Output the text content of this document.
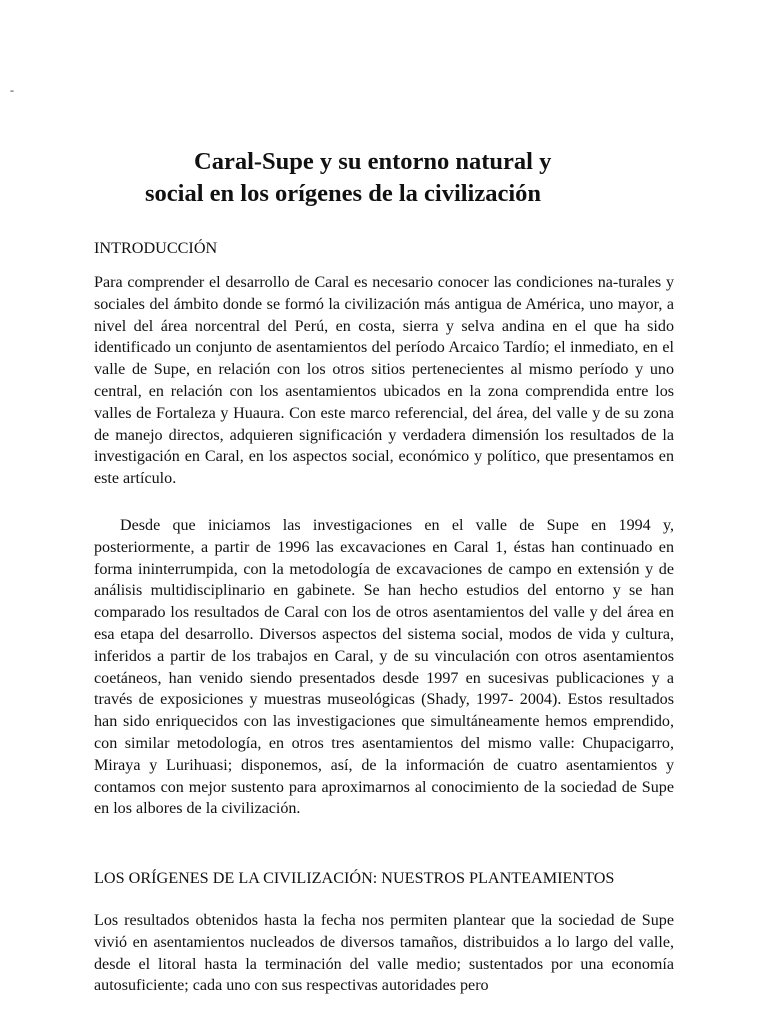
-
Caral-Supe y su entorno natural y
social en los orígenes de la civilización
INTRODUCCIÓN

Para comprender el desarrollo de Caral es necesario conocer las condiciones na-turales y sociales del ámbito donde se formó la civilización más antigua de América, uno mayor, a nivel del área norcentral del Perú, en costa, sierra y selva andina en el que ha sido identificado un conjunto de asentamientos del período Arcaico Tardío; el inmediato, en el valle de Supe, en relación con los otros sitios pertenecientes al mismo período y uno central, en relación con los asentamientos ubicados en la zona comprendida entre los valles de Fortaleza y Huaura. Con este marco referencial, del área, del valle y de su zona de manejo directos, adquieren significación y verdadera dimensión los resultados de la investigación en Caral, en los aspectos social, económico y político, que presentamos en este artículo.

Desde que iniciamos las investigaciones en el valle de Supe en 1994 y, posteriormente, a partir de 1996 las excavaciones en Caral 1, éstas han continuado en forma ininterrumpida, con la metodología de excavaciones de campo en extensión y de análisis multidisciplinario en gabinete. Se han hecho estudios del entorno y se han comparado los resultados de Caral con los de otros asentamientos del valle y del área en esa etapa del desarrollo. Diversos aspectos del sistema social, modos de vida y cultura, inferidos a partir de los trabajos en Caral, y de su vinculación con otros asentamientos coetáneos, han venido siendo presentados desde 1997 en sucesivas publicaciones y a través de exposiciones y muestras museológicas (Shady, 1997- 2004). Estos resultados han sido enriquecidos con las investigaciones que simultáneamente hemos emprendido, con similar metodología, en otros tres asentamientos del mismo valle: Chupacigarro, Miraya y Lurihuasi; disponemos, así, de la información de cuatro asentamientos y contamos con mejor sustento para aproximarnos al conocimiento de la sociedad de Supe en los albores de la civilización.

LOS ORÍGENES DE LA CIVILIZACIÓN: NUESTROS PLANTEAMIENTOS

Los resultados obtenidos hasta la fecha nos permiten plantear que la sociedad de Supe vivió en asentamientos nucleados de diversos tamaños, distribuidos a lo largo del valle, desde el litoral hasta la terminación del valle medio; sustentados por una economía autosuficiente; cada uno con sus respectivas autoridades pero
